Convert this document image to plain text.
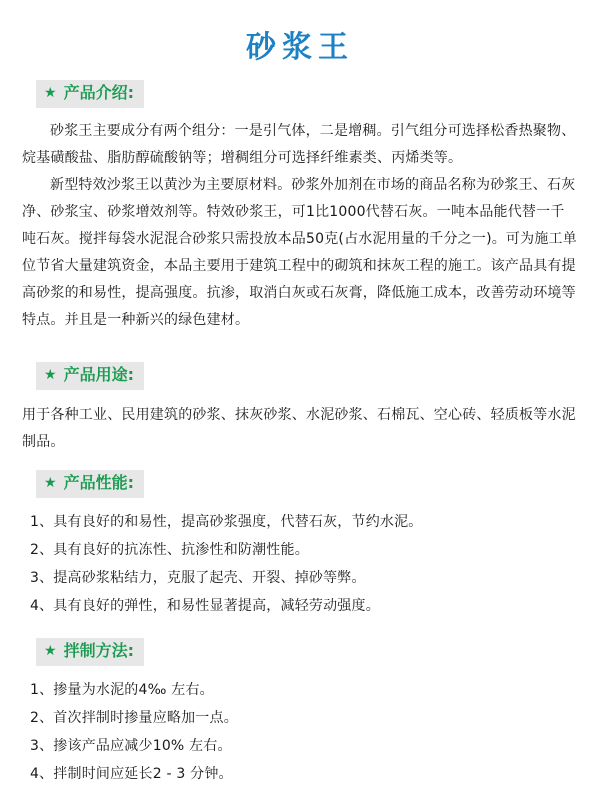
砂浆王
★ 产品介绍:

砂浆王主要成分有两个组分：一是引气体，二是增稠。引气组分可选择松香热聚物、烷基磺酸盐、脂肪醇硫酸钠等；增稠组分可选择纤维素类、丙烯类等。

新型特效沙浆王以黄沙为主要原材料。砂浆外加剂在市场的商品名称为砂浆王、石灰净、砂浆宝、砂浆增效剂等。特效砂浆王，可1比1000代替石灰。一吨本品能代替一千吨石灰。搅拌每袋水泥混合砂浆只需投放本品50克(占水泥用量的千分之一)。可为施工单位节省大量建筑资金，本品主要用于建筑工程中的砌筑和抹灰工程的施工。该产品具有提高砂浆的和易性，提高强度。抗渗，取消白灰或石灰膏，降低施工成本，改善劳动环境等特点。并且是一种新兴的绿色建材。

★ 产品用途:

用于各种工业、民用建筑的砂浆、抹灰砂浆、水泥砂浆、石棉瓦、空心砖、轻质板等水泥制品。

★ 产品性能:
1、具有良好的和易性，提高砂浆强度，代替石灰，节约水泥。
2、具有良好的抗冻性、抗渗性和防潮性能。
3、提高砂浆粘结力，克服了起壳、开裂、掉砂等弊。
4、具有良好的弹性，和易性显著提高，减轻劳动强度。
★ 拌制方法:
1、掺量为水泥的4‰ 左右。
2、首次拌制时掺量应略加一点。
3、掺该产品应减少10% 左右。
4、拌制时间应延长2 - 3 分钟。
